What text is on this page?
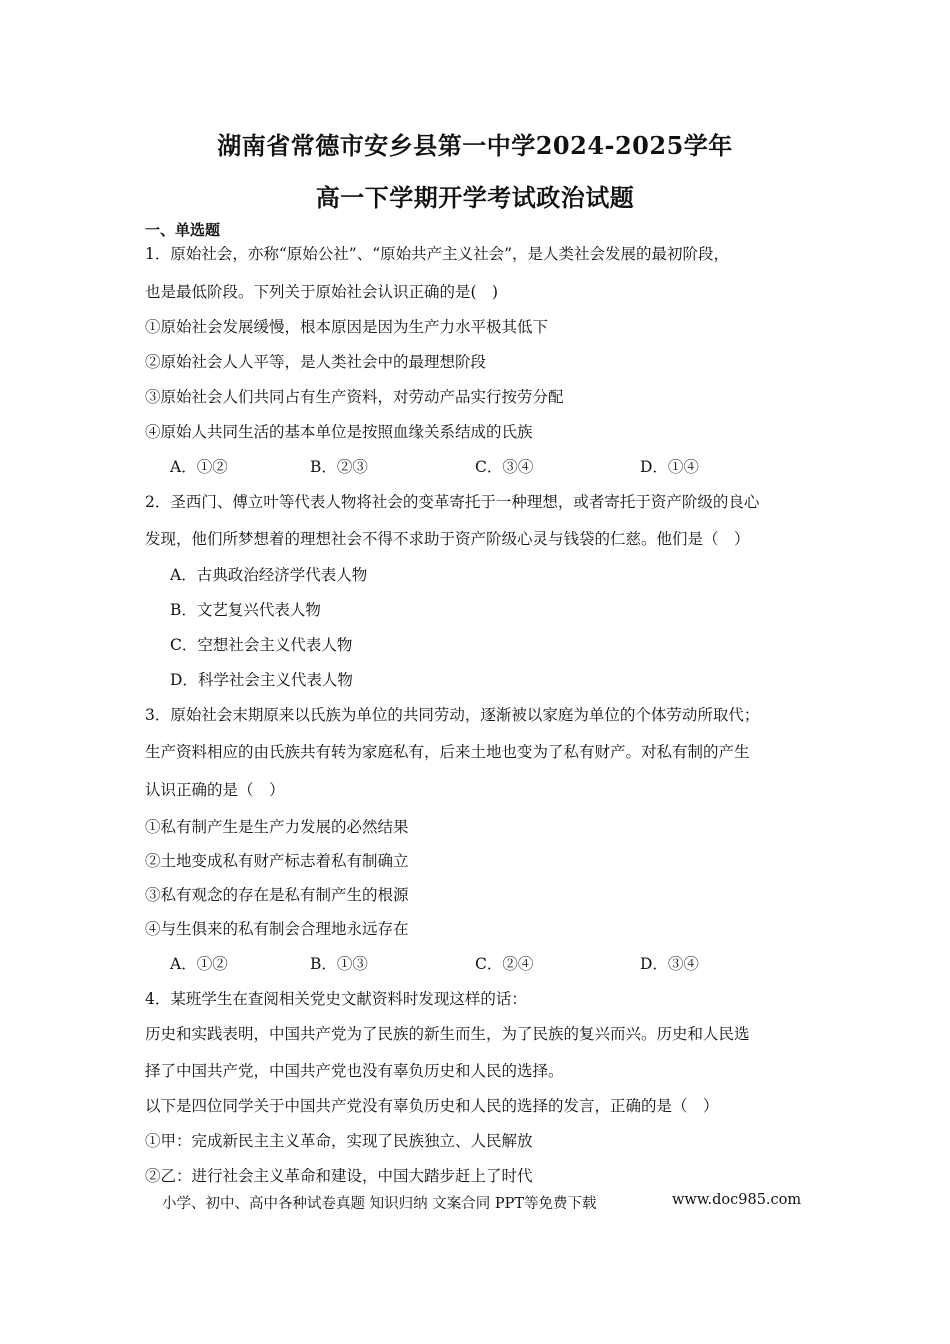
湖南省常德市安乡县第一中学2024-2025学年
高一下学期开学考试政治试题
一、单选题
1．原始社会，亦称“原始公社”、“原始共产主义社会”，是人类社会发展的最初阶段，
也是最低阶段。下列关于原始社会认识正确的是(　)
①原始社会发展缓慢，根本原因是因为生产力水平极其低下
②原始社会人人平等，是人类社会中的最理想阶段
③原始社会人们共同占有生产资料，对劳动产品实行按劳分配
④原始人共同生活的基本单位是按照血缘关系结成的氏族
A．①②	B．②③	C．③④	D．①④
2．圣西门、傅立叶等代表人物将社会的变革寄托于一种理想，或者寄托于资产阶级的良心
发现，他们所梦想着的理想社会不得不求助于资产阶级心灵与钱袋的仁慈。他们是（　）
A．古典政治经济学代表人物
B．文艺复兴代表人物
C．空想社会主义代表人物
D．科学社会主义代表人物
3．原始社会末期原来以氏族为单位的共同劳动，逐渐被以家庭为单位的个体劳动所取代；
生产资料相应的由氏族共有转为家庭私有，后来土地也变为了私有财产。对私有制的产生
认识正确的是（　）
①私有制产生是生产力发展的必然结果
②土地变成私有财产标志着私有制确立
③私有观念的存在是私有制产生的根源
④与生俱来的私有制会合理地永远存在
A．①②	B．①③	C．②④	D．③④
4．某班学生在查阅相关党史文献资料时发现这样的话：
历史和实践表明，中国共产党为了民族的新生而生，为了民族的复兴而兴。历史和人民选
择了中国共产党，中国共产党也没有辜负历史和人民的选择。
以下是四位同学关于中国共产党没有辜负历史和人民的选择的发言，正确的是（　）
①甲：完成新民主主义革命，实现了民族独立、人民解放
②乙：进行社会主义革命和建设，中国大踏步赶上了时代
小学、初中、高中各种试卷真题 知识归纳 文案合同 PPT等免费下载	www.doc985.com
